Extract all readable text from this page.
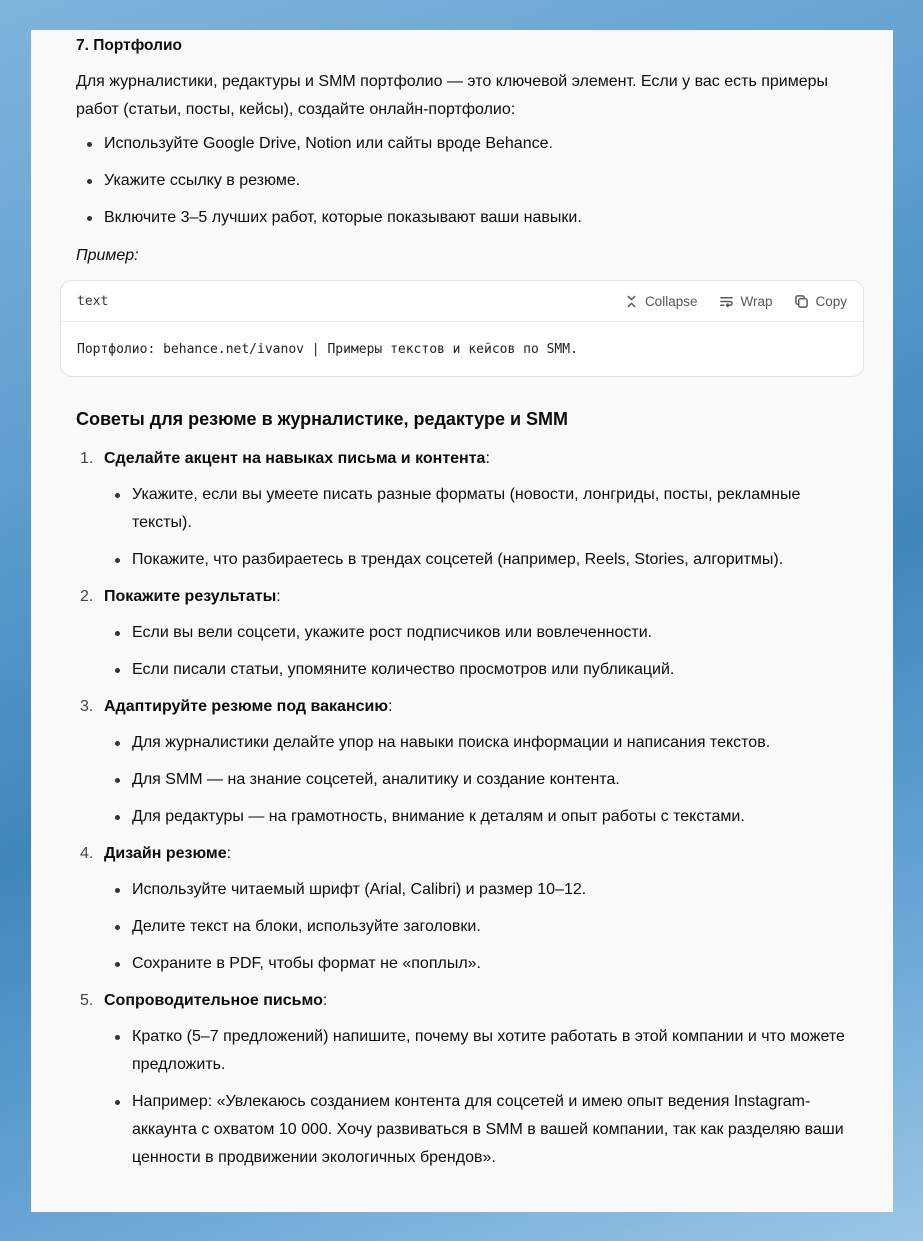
7. Портфолио

Для журналистики, редактуры и SMM портфолио — это ключевой элемент. Если у вас есть примеры работ (статьи, посты, кейсы), создайте онлайн-портфолио:

Используйте Google Drive, Notion или сайты вроде Behance.
Укажите ссылку в резюме.
Включите 3–5 лучших работ, которые показывают ваши навыки.
Пример:
text	Collapse	Wrap	Copy
Портфолио: behance.net/ivanov | Примеры текстов и кейсов по SMM.
Советы для резюме в журналистике, редактуре и SMM
1. Сделайте акцент на навыках письма и контента:
Укажите, если вы умеете писать разные форматы (новости, лонгриды, посты, рекламные тексты).
Покажите, что разбираетесь в трендах соцсетей (например, Reels, Stories, алгоритмы).
2. Покажите результаты:
Если вы вели соцсети, укажите рост подписчиков или вовлеченности.
Если писали статьи, упомяните количество просмотров или публикаций.
3. Адаптируйте резюме под вакансию:
Для журналистики делайте упор на навыки поиска информации и написания текстов.
Для SMM — на знание соцсетей, аналитику и создание контента.
Для редактуры — на грамотность, внимание к деталям и опыт работы с текстами.
4. Дизайн резюме:
Используйте читаемый шрифт (Arial, Calibri) и размер 10–12.
Делите текст на блоки, используйте заголовки.
Сохраните в PDF, чтобы формат не «поплыл».
5. Сопроводительное письмо:
Кратко (5–7 предложений) напишите, почему вы хотите работать в этой компании и что можете предложить.
Например: «Увлекаюсь созданием контента для соцсетей и имею опыт ведения Instagram-аккаунта с охватом 10 000. Хочу развиваться в SMM в вашей компании, так как разделяю ваши ценности в продвижении экологичных брендов».
